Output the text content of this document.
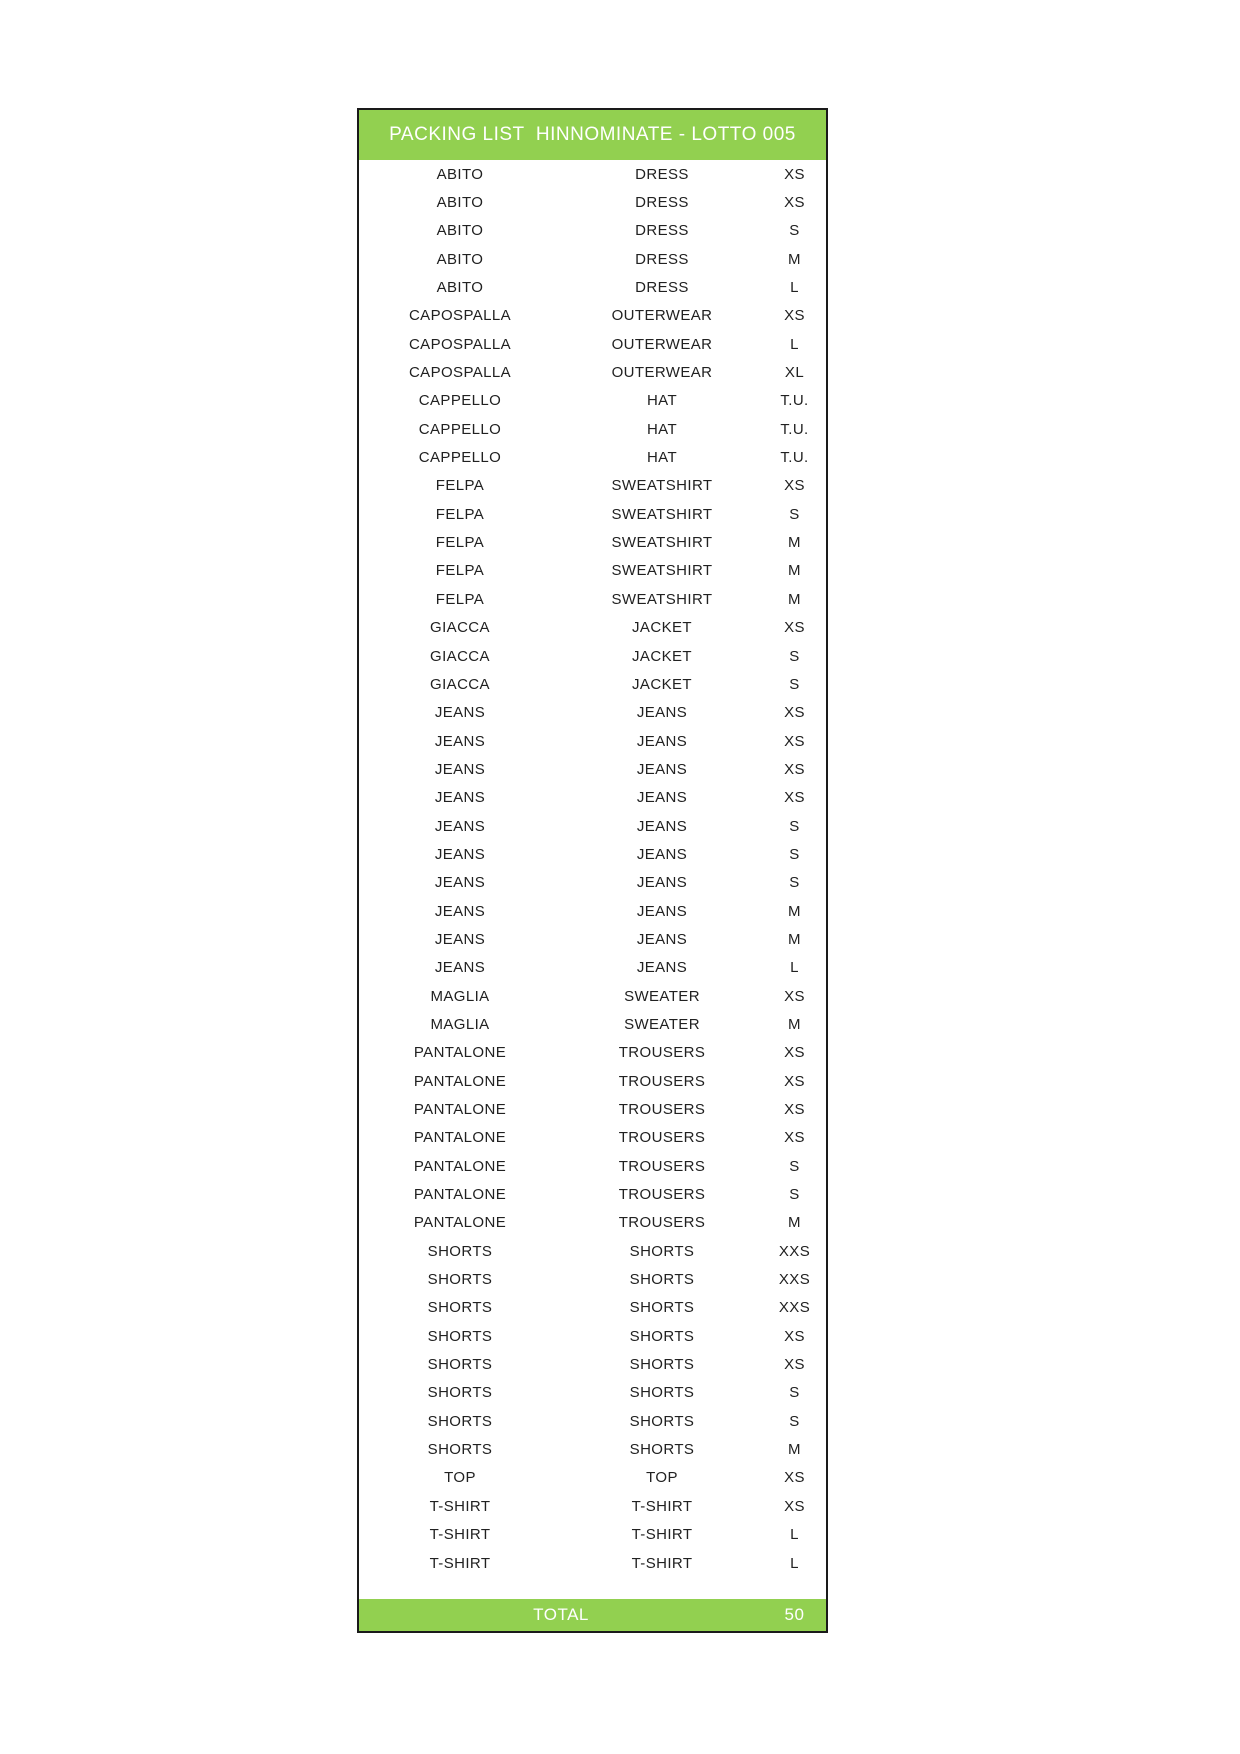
PACKING LIST  HINNOMINATE - LOTTO 005
ABITO	DRESS	XS
ABITO	DRESS	XS
ABITO	DRESS	S
ABITO	DRESS	M
ABITO	DRESS	L
CAPOSPALLA	OUTERWEAR	XS
CAPOSPALLA	OUTERWEAR	L
CAPOSPALLA	OUTERWEAR	XL
CAPPELLO	HAT	T.U.
CAPPELLO	HAT	T.U.
CAPPELLO	HAT	T.U.
FELPA	SWEATSHIRT	XS
FELPA	SWEATSHIRT	S
FELPA	SWEATSHIRT	M
FELPA	SWEATSHIRT	M
FELPA	SWEATSHIRT	M
GIACCA	JACKET	XS
GIACCA	JACKET	S
GIACCA	JACKET	S
JEANS	JEANS	XS
JEANS	JEANS	XS
JEANS	JEANS	XS
JEANS	JEANS	XS
JEANS	JEANS	S
JEANS	JEANS	S
JEANS	JEANS	S
JEANS	JEANS	M
JEANS	JEANS	M
JEANS	JEANS	L
MAGLIA	SWEATER	XS
MAGLIA	SWEATER	M
PANTALONE	TROUSERS	XS
PANTALONE	TROUSERS	XS
PANTALONE	TROUSERS	XS
PANTALONE	TROUSERS	XS
PANTALONE	TROUSERS	S
PANTALONE	TROUSERS	S
PANTALONE	TROUSERS	M
SHORTS	SHORTS	XXS
SHORTS	SHORTS	XXS
SHORTS	SHORTS	XXS
SHORTS	SHORTS	XS
SHORTS	SHORTS	XS
SHORTS	SHORTS	S
SHORTS	SHORTS	S
SHORTS	SHORTS	M
TOP	TOP	XS
T-SHIRT	T-SHIRT	XS
T-SHIRT	T-SHIRT	L
T-SHIRT	T-SHIRT	L
TOTAL	50
